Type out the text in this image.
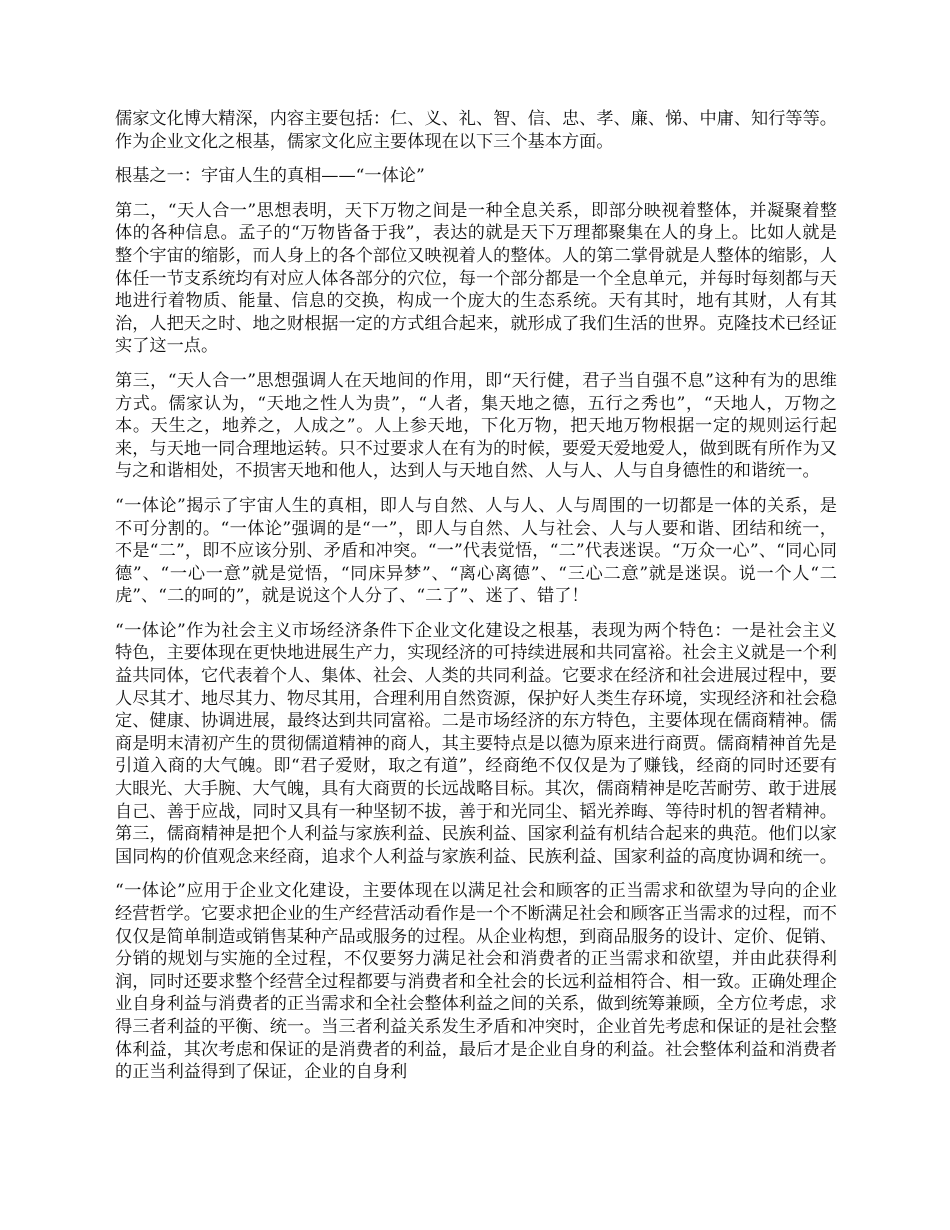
儒家文化博大精深，内容主要包括：仁、义、礼、智、信、忠、孝、廉、悌、中庸、知行等等。作为企业文化之根基，儒家文化应主要体现在以下三个基本方面。

根基之一：宇宙人生的真相——“一体论”

第二，“天人合一”思想表明，天下万物之间是一种全息关系，即部分映视着整体，并凝聚着整体的各种信息。孟子的“万物皆备于我”，表达的就是天下万理都聚集在人的身上。比如人就是整个宇宙的缩影，而人身上的各个部位又映视着人的整体。人的第二掌骨就是人整体的缩影，人体任一节支系统均有对应人体各部分的穴位，每一个部分都是一个全息单元，并每时每刻都与天地进行着物质、能量、信息的交换，构成一个庞大的生态系统。天有其时，地有其财，人有其治，人把天之时、地之财根据一定的方式组合起来，就形成了我们生活的世界。克隆技术已经证实了这一点。

第三，“天人合一”思想强调人在天地间的作用，即“天行健，君子当自强不息”这种有为的思维方式。儒家认为，“天地之性人为贵”，“人者，集天地之德，五行之秀也”，“天地人，万物之本。天生之，地养之，人成之”。人上参天地，下化万物，把天地万物根据一定的规则运行起来，与天地一同合理地运转。只不过要求人在有为的时候，要爱天爱地爱人，做到既有所作为又与之和谐相处，不损害天地和他人，达到人与天地自然、人与人、人与自身德性的和谐统一。

“一体论”揭示了宇宙人生的真相，即人与自然、人与人、人与周围的一切都是一体的关系，是不可分割的。“一体论”强调的是“一”，即人与自然、人与社会、人与人要和谐、团结和统一，不是“二”，即不应该分别、矛盾和冲突。“一”代表觉悟，“二”代表迷误。“万众一心”、“同心同德”、“一心一意”就是觉悟，“同床异梦”、“离心离德”、“三心二意”就是迷误。说一个人“二虎”、“二的呵的”，就是说这个人分了、“二了”、迷了、错了！

“一体论”作为社会主义市场经济条件下企业文化建设之根基，表现为两个特色：一是社会主义特色，主要体现在更快地进展生产力，实现经济的可持续进展和共同富裕。社会主义就是一个利益共同体，它代表着个人、集体、社会、人类的共同利益。它要求在经济和社会进展过程中，要人尽其才、地尽其力、物尽其用，合理利用自然资源，保护好人类生存环境，实现经济和社会稳定、健康、协调进展，最终达到共同富裕。二是市场经济的东方特色，主要体现在儒商精神。儒商是明末清初产生的贯彻儒道精神的商人，其主要特点是以德为原来进行商贾。儒商精神首先是引道入商的大气魄。即“君子爱财，取之有道”，经商绝不仅仅是为了赚钱，经商的同时还要有大眼光、大手腕、大气魄，具有大商贾的长远战略目标。其次，儒商精神是吃苦耐劳、敢于进展自己、善于应战，同时又具有一种坚韧不拔，善于和光同尘、韬光养晦、等待时机的智者精神。第三，儒商精神是把个人利益与家族利益、民族利益、国家利益有机结合起来的典范。他们以家国同构的价值观念来经商，追求个人利益与家族利益、民族利益、国家利益的高度协调和统一。

“一体论”应用于企业文化建设，主要体现在以满足社会和顾客的正当需求和欲望为导向的企业经营哲学。它要求把企业的生产经营活动看作是一个不断满足社会和顾客正当需求的过程，而不仅仅是简单制造或销售某种产品或服务的过程。从企业构想，到商品服务的设计、定价、促销、分销的规划与实施的全过程，不仅要努力满足社会和消费者的正当需求和欲望，并由此获得利润，同时还要求整个经营全过程都要与消费者和全社会的长远利益相符合、相一致。正确处理企业自身利益与消费者的正当需求和全社会整体利益之间的关系，做到统筹兼顾，全方位考虑，求得三者利益的平衡、统一。当三者利益关系发生矛盾和冲突时，企业首先考虑和保证的是社会整体利益，其次考虑和保证的是消费者的利益，最后才是企业自身的利益。社会整体利益和消费者的正当利益得到了保证，企业的自身利
